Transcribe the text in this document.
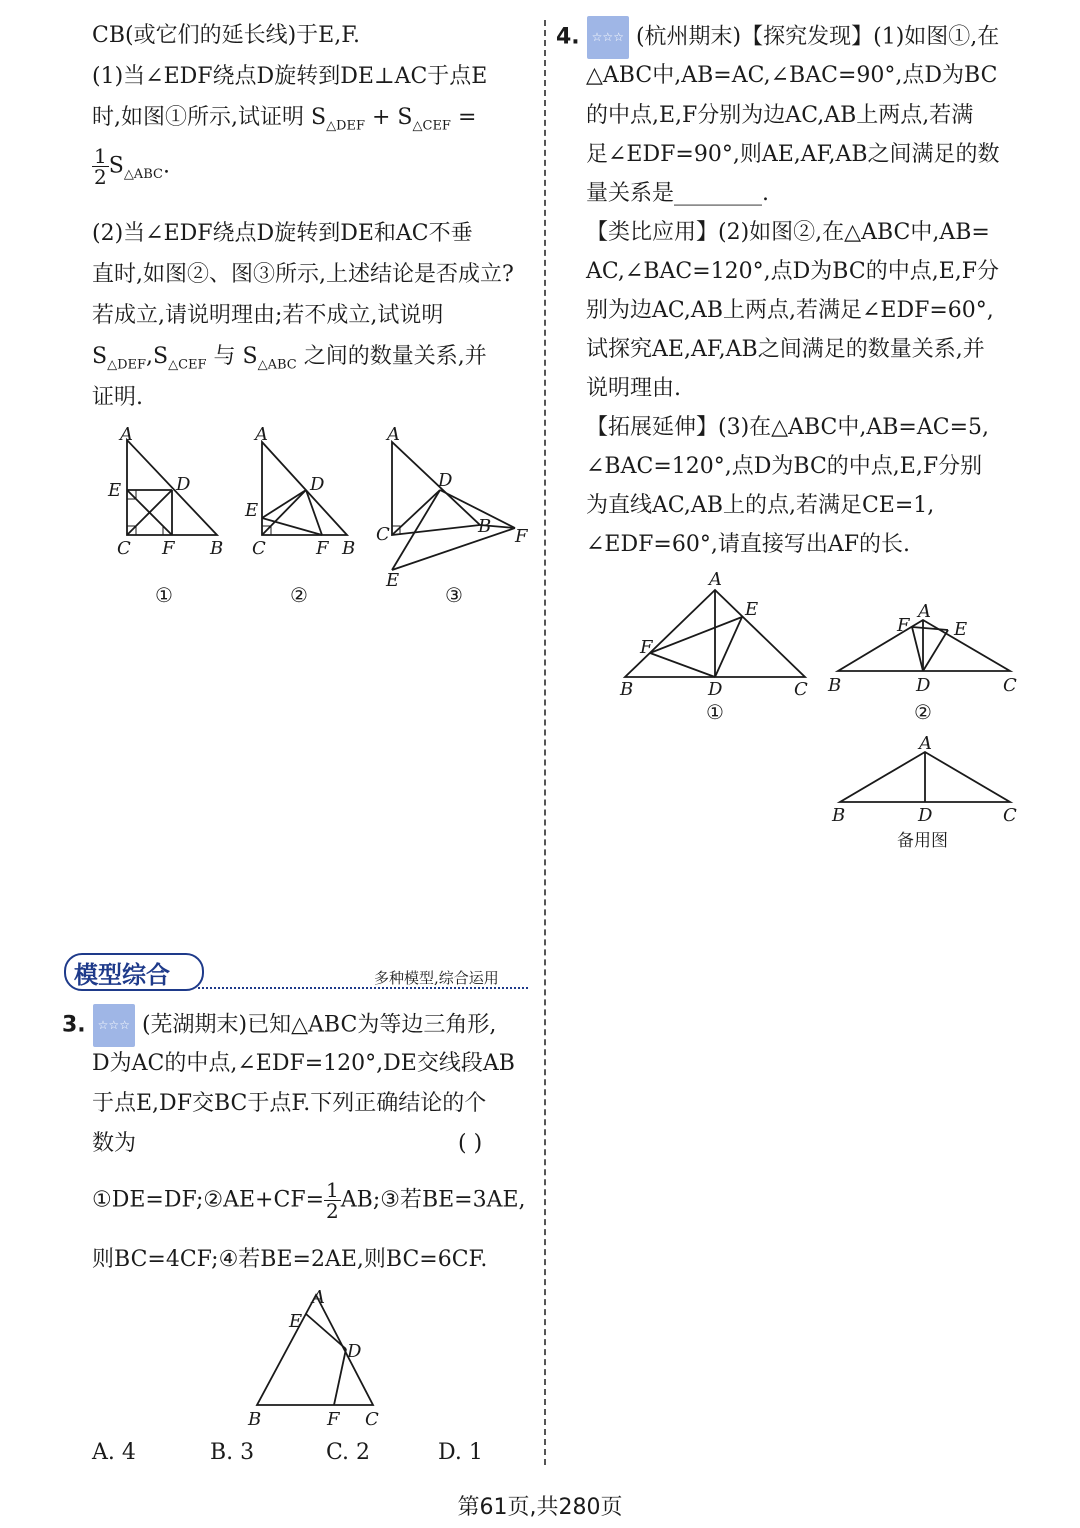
CB(或它们的延长线)于E,F.
(1)当∠EDF绕点D旋转到DE⊥AC于点E
时,如图①所示,试证明 $S_{\triangle DEF} + S_{\triangle CEF}$ =
$\frac{1}{2} S_{\triangle ABC}$.
(2)当∠EDF绕点D旋转到DE和AC不垂
直时,如图②、图③所示,上述结论是否成立?
若成立,请说明理由;若不成立,试说明
$S_{\triangle DEF},S_{\triangle CEF}$ 与 $S_{\triangle ABC}$ 之间的数量关系,并
证明.
A
E	D
C F B
A
E
D
C	F B
A
D
C	B F
E
①	②	③
模型综合	多种模型,综合运用
3. ☆☆☆ (芜湖期末)已知△ABC为等边三角形,
D为AC的中点,∠EDF=120°,DE交线段AB
于点E,DF交BC于点F.下列正确结论的个
数为	( )
①DE=DF;②AE+CF= $\frac{1}{2}$ AB;③若BE=3AE,
则BC=4CF;④若BE=2AE,则BC=6CF.
A
E
D
B	F C
A. 4	B. 3	C. 2	D. 1
4. ☆☆☆ (杭州期末)【探究发现】(1)如图①,在
△ABC中,AB=AC,∠BAC=90°,点D为BC
的中点,E,F分别为边AC,AB上两点,若满
足∠EDF=90°,则AE,AF,AB之间满足的数
量关系是________.
【类比应用】(2)如图②,在△ABC中,AB=
AC,∠BAC=120°,点D为BC的中点,E,F分
别为边AC,AB上两点,若满足∠EDF=60°,
试探究AE,AF,AB之间满足的数量关系,并
说明理由.
【拓展延伸】(3)在△ABC中,AB=AC=5,
∠BAC=120°,点D为BC的中点,E,F分别
为直线AC,AB上的点,若满足CE=1,
∠EDF=60°,请直接写出AF的长.
A
E
F
B	D	C
①
A
F E
B	D	C
②
A
B	D	C
备用图
第61页,共280页
